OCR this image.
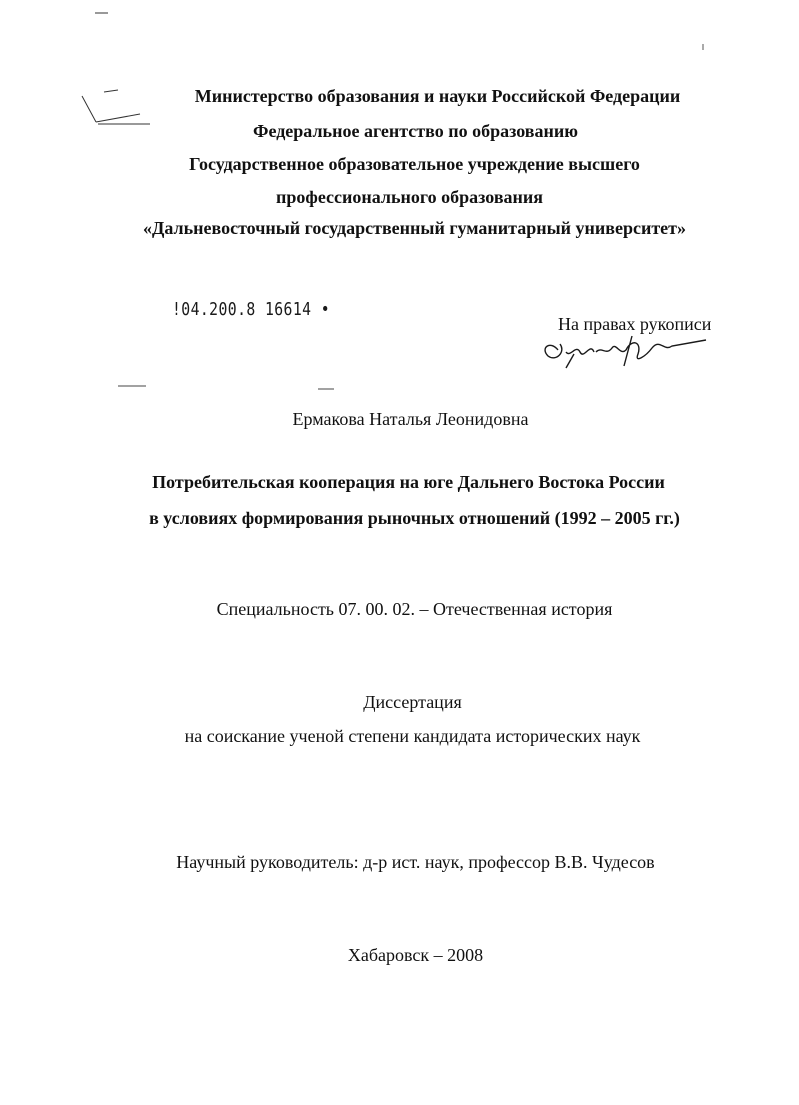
Министерство образования и науки Российской Федерации
Федеральное агентство по образованию
Государственное образовательное учреждение высшего
профессионального образования
«Дальневосточный государственный гуманитарный университет»
!04.200.8 16614 •
На правах рукописи
Ермакова Наталья Леонидовна
Потребительская кооперация на юге Дальнего Востока России
в условиях формирования рыночных отношений (1992 – 2005 гг.)
Специальность 07. 00. 02. – Отечественная история
Диссертация
на соискание ученой степени кандидата исторических наук
Научный руководитель: д-р ист. наук, профессор В.В. Чудесов
Хабаровск – 2008
